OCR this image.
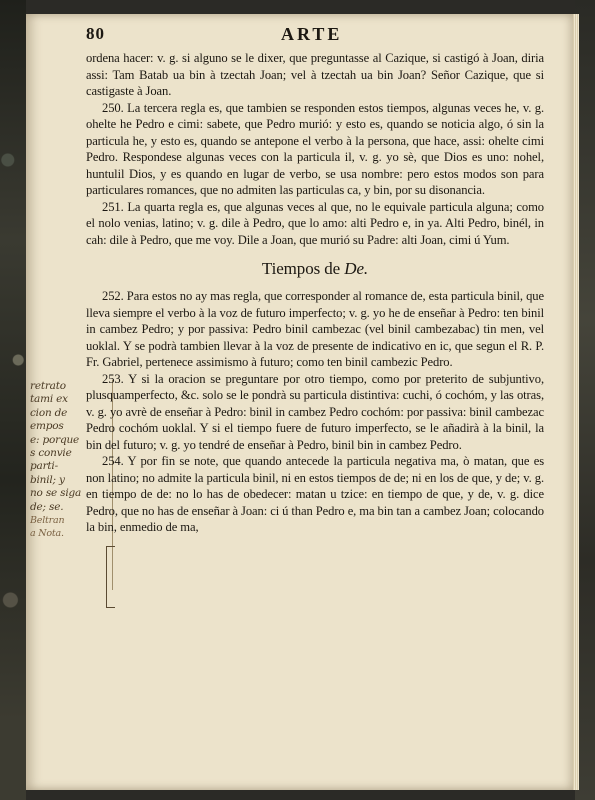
retrato
tami ex
cion de
empos
e: porque
s convie
parti-
binil; y
no se siga
de; se.
Beltran
a Nota.
80	ARTE

ordena hacer: v. g. si alguno se le dixer, que preguntasse al Cazique, si castigó à Joan, diria assi: Tam Batab ua bin à tzectah Joan; vel à tzectah ua bin Joan? Señor Cazique, que si castigaste à Joan.

250. La tercera regla es, que tambien se responden estos tiempos, algunas veces he, v. g. ohelte he Pedro e cimi: sabete, que Pedro murió: y esto es, quando se noticia algo, ó sin la particula he, y esto es, quando se antepone el verbo à la persona, que hace, assi: ohelte cimi Pedro. Respondese algunas veces con la particula il, v. g. yo sè, que Dios es uno: nohel, huntulil Dios, y es quando en lugar de verbo, se usa nombre: pero estos modos son para particulares romances, que no admiten las particulas ca, y bin, por su disonancia.

251. La quarta regla es, que algunas veces al que, no le equivale particula alguna; como el nolo venias, latino; v. g. dile à Pedro, que lo amo: alti Pedro e, in ya. Alti Pedro, binél, in cah: dile à Pedro, que me voy. Dile a Joan, que murió su Padre: alti Joan, cimi ú Yum.

Tiempos de De.

252. Para estos no ay mas regla, que corresponder al romance de, esta particula binil, que lleva siempre el verbo à la voz de futuro imperfecto; v. g. yo he de enseñar à Pedro: ten binil in cambez Pedro; y por passiva: Pedro binil cambezac (vel binil cambezabac) tin men, vel uoklal. Y se podrà tambien llevar à la voz de presente de indicativo en ic, que segun el R. P. Fr. Gabriel, pertenece assimismo à futuro; como ten binil cambezic Pedro.

253. Y si la oracion se preguntare por otro tiempo, como por preterito de subjuntivo, plusquamperfecto, &c. solo se le pondrà su particula distintiva: cuchi, ó cochóm, y las otras, v. g. yo avrè de enseñar à Pedro: binil in cambez Pedro cochóm: por passiva: binil cambezac Pedro cochóm uoklal. Y si el tiempo fuere de futuro imperfecto, se le añadirà à la binil, la bin del futuro; v. g. yo tendré de enseñar à Pedro, binil bin in cambez Pedro.

254. Y por fin se note, que quando antecede la particula negativa ma, ò matan, que es non latino; no admite la particula binil, ni en estos tiempos de de; ni en los de que, y de; v. g. en tiempo de de: no lo has de obedecer: matan u tzice: en tiempo de que, y de, v. g. dice Pedro, que no has de enseñar à Joan: ci ú than Pedro e, ma bin tan a cambez Joan; colocando la bin, enmedio de ma,
